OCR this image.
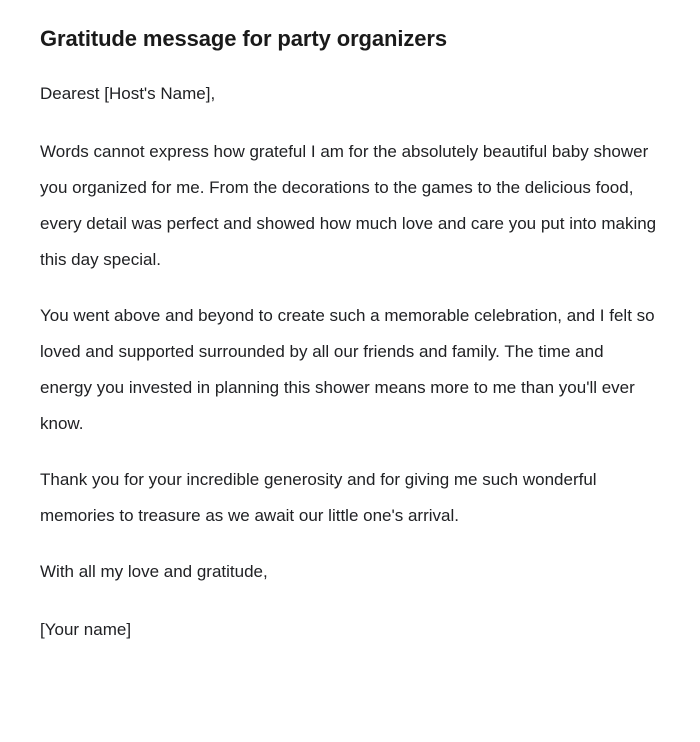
Gratitude message for party organizers

Dearest [Host's Name],

Words cannot express how grateful I am for the absolutely beautiful baby shower you organized for me. From the decorations to the games to the delicious food, every detail was perfect and showed how much love and care you put into making this day special.

You went above and beyond to create such a memorable celebration, and I felt so loved and supported surrounded by all our friends and family. The time and energy you invested in planning this shower means more to me than you'll ever know.

Thank you for your incredible generosity and for giving me such wonderful memories to treasure as we await our little one's arrival.

With all my love and gratitude,

[Your name]
